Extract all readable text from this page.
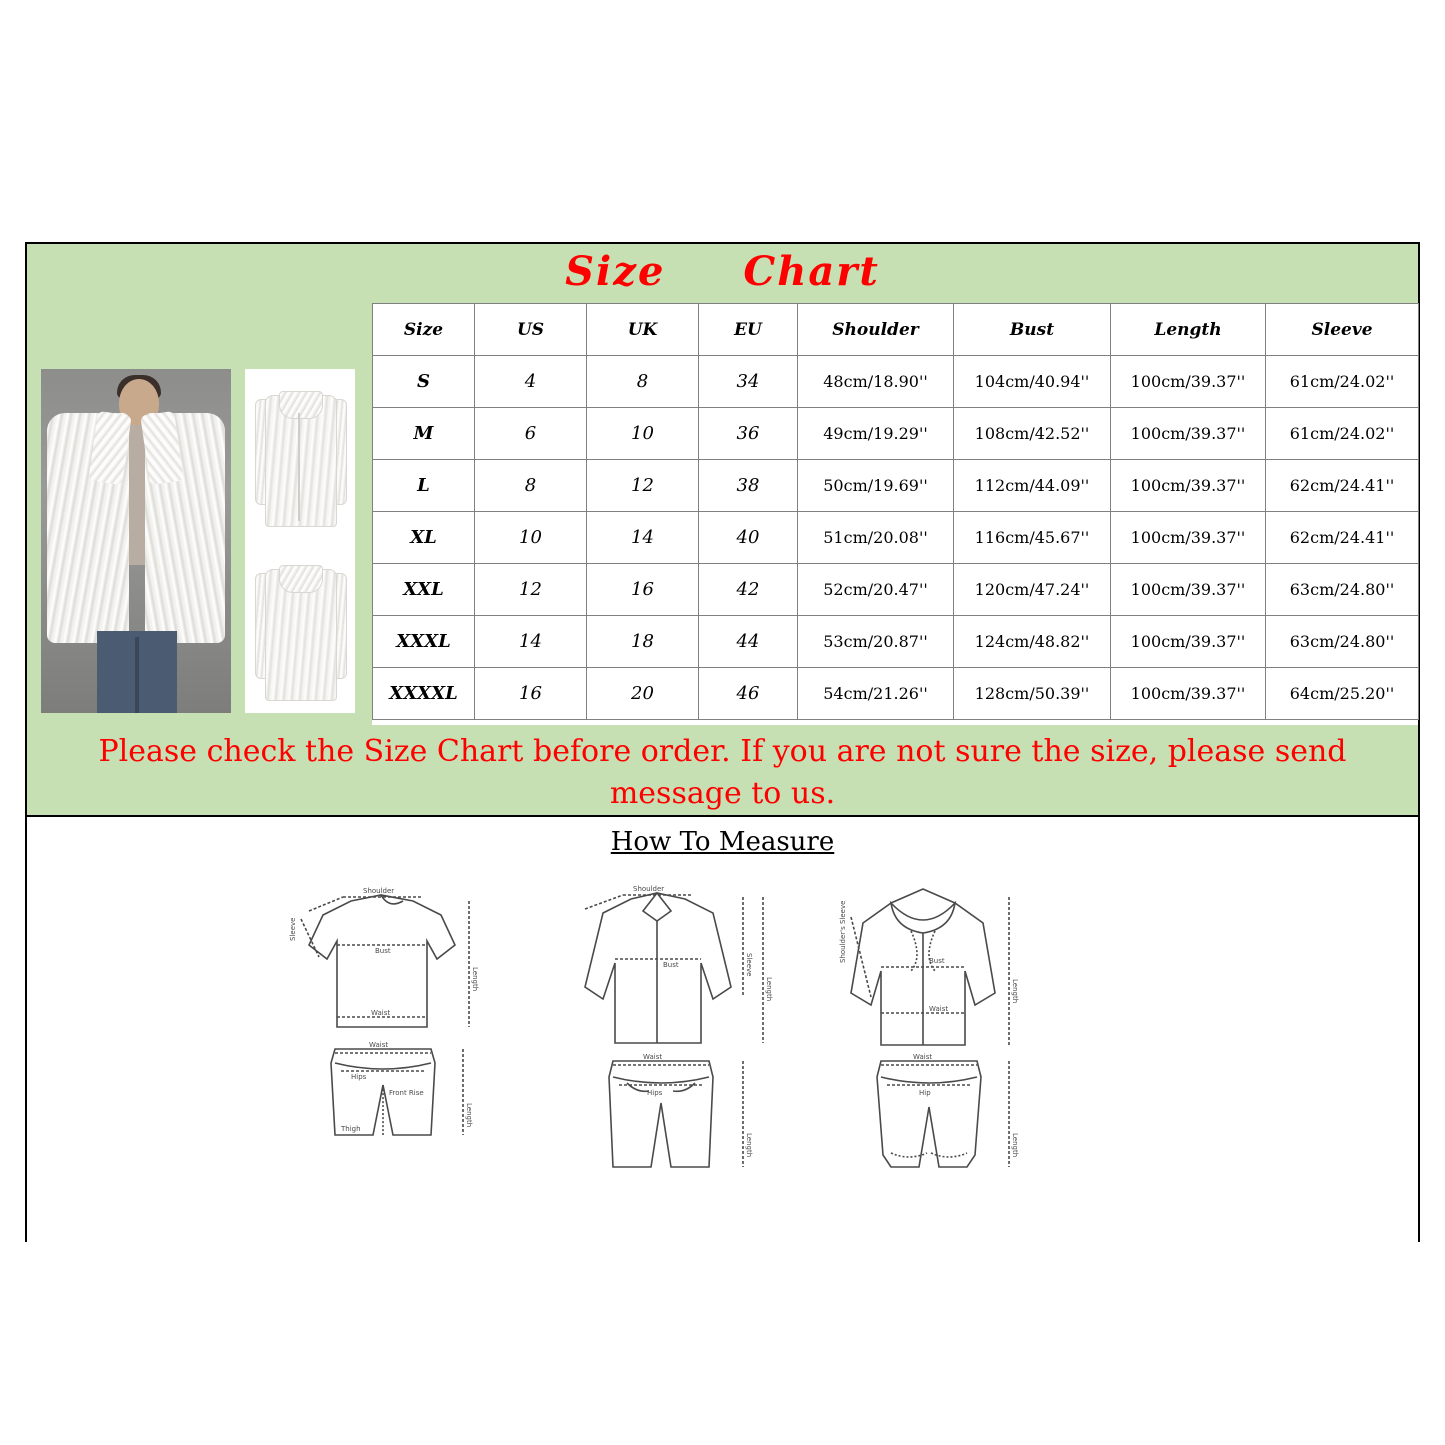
Size Chart
Size	US	UK	EU	Shoulder	Bust	Length	Sleeve
S	4	8	34	48cm/18.90''	104cm/40.94''	100cm/39.37''	61cm/24.02''
M	6	10	36	49cm/19.29''	108cm/42.52''	100cm/39.37''	61cm/24.02''
L	8	12	38	50cm/19.69''	112cm/44.09''	100cm/39.37''	62cm/24.41''
XL	10	14	40	51cm/20.08''	116cm/45.67''	100cm/39.37''	62cm/24.41''
XXL	12	16	42	52cm/20.47''	120cm/47.24''	100cm/39.37''	63cm/24.80''
XXXL	14	18	44	53cm/20.87''	124cm/48.82''	100cm/39.37''	63cm/24.80''
XXXXL	16	20	46	54cm/21.26''	128cm/50.39''	100cm/39.37''	64cm/25.20''
Please check the Size Chart before order. If you are not sure the size, please send message to us.
How To Measure
Shoulder
Bust
Waist
Length
Sleeve
Waist
Hips
Front Rise
Thigh
Length
Shoulder
Bust	Sleeve
Length
Waist
Hips
Length
Shoulder's Sleeve	Bust
Waist
Length
Waist
Hip
Length
